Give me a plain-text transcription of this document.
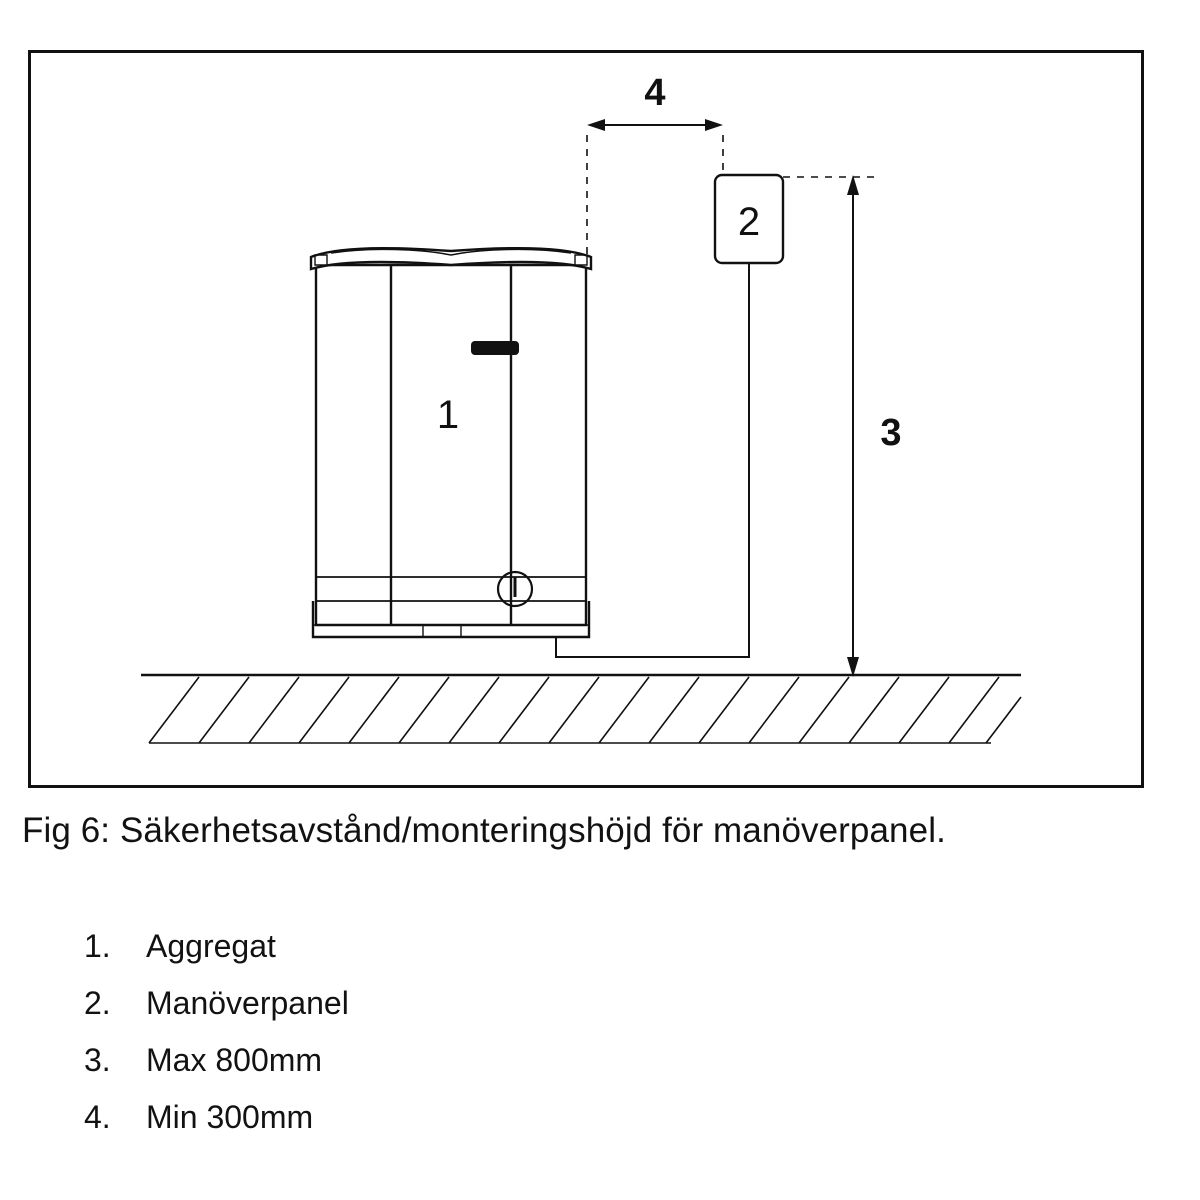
1
2
4
3
Fig 6: Säkerhetsavstånd/monteringshöjd för manöverpanel.
1.	Aggregat
2.	Manöverpanel
3.	Max 800mm
4.	Min 300mm
